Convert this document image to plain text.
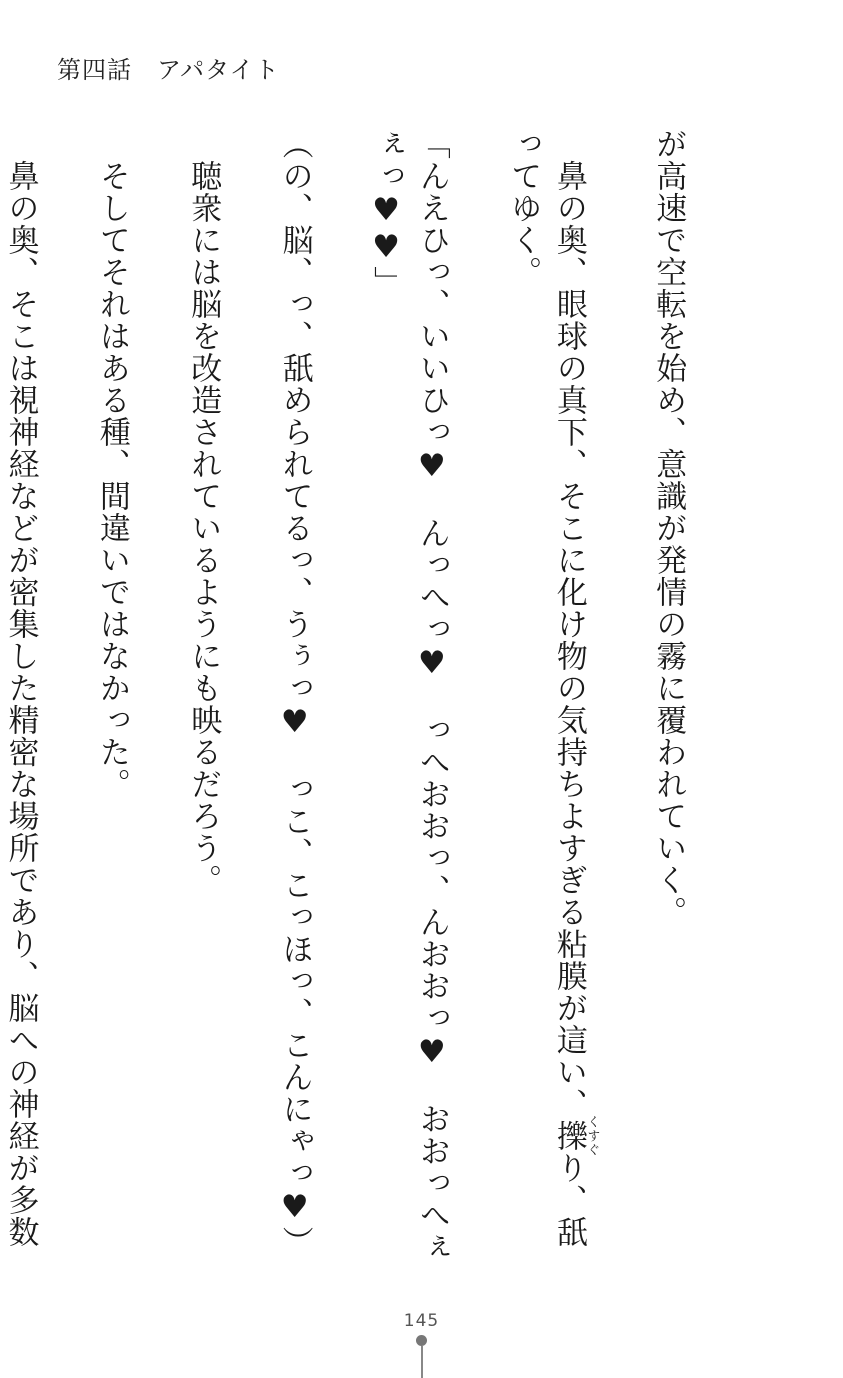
第四話　アパタイト

が高速で空転を始め、意識が発情の霧に覆われていく。

　鼻の奥、眼球の真下、そこに化け物の気持ちよすぎる粘膜が這い、擽くすぐり、舐ってゆく。

「んえひっ、いいひっ♥　んっへっ♥　っへおおっ、んおおっ♥　おおっへぇぇっ♥♥」

（の、脳、っ、舐められてるっ、うぅっ♥　っこ、こっほっ、こんにゃっ♥）

　聴衆には脳を改造されているようにも映るだろう。

　そしてそれはある種、間違いではなかった。

　鼻の奥、そこは視神経などが密集した精密な場所であり、脳への神経が多数

145
